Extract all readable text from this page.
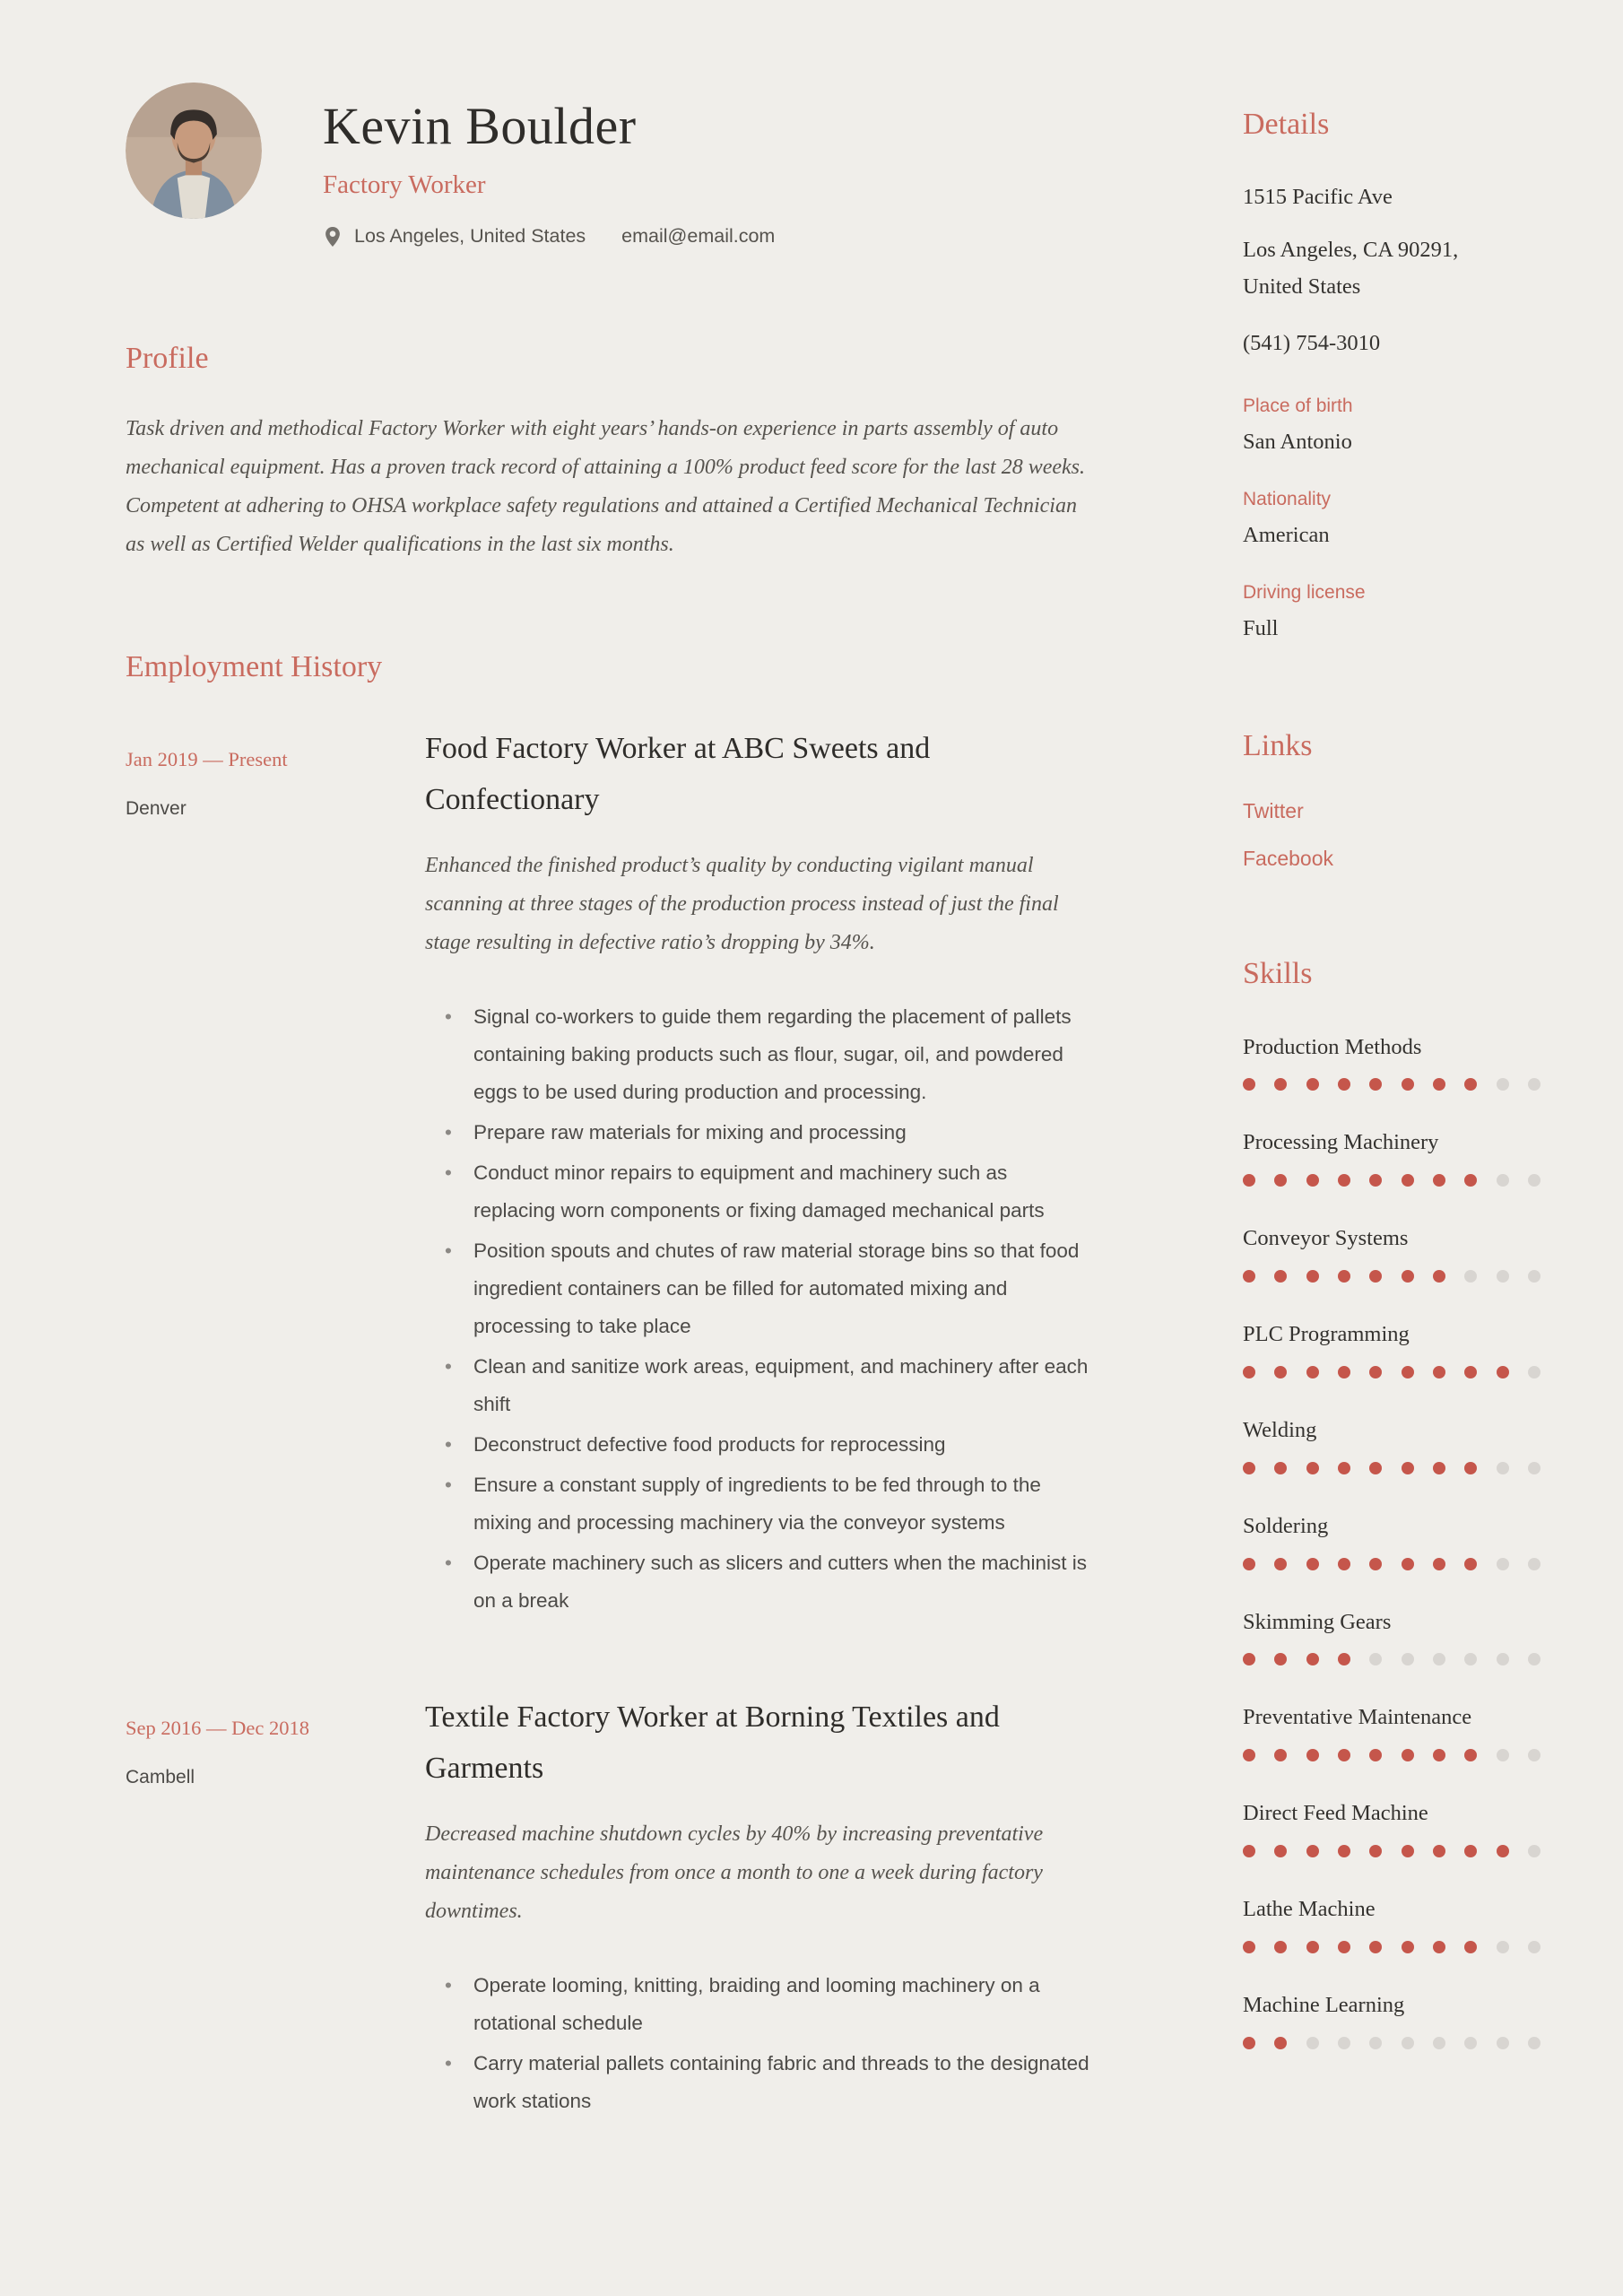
Kevin Boulder
Factory Worker
Los Angeles, United States email@email.com
Profile

Task driven and methodical Factory Worker with eight years’ hands-on experience in parts assembly of auto mechanical equipment. Has a proven track record of attaining a 100% product feed score for the last 28 weeks. Competent at adhering to OHSA workplace safety regulations and attained a Certified Mechanical Technician as well as Certified Welder qualifications in the last six months.

Employment History
Jan 2019 — Present
Denver
Food Factory Worker at ABC Sweets and Confectionary

Enhanced the finished product’s quality by conducting vigilant manual scanning at three stages of the production process instead of just the final stage resulting in defective ratio’s dropping by 34%.

• Signal co-workers to guide them regarding the placement of pallets containing baking products such as flour, sugar, oil, and powdered eggs to be used during production and processing.
• Prepare raw materials for mixing and processing
• Conduct minor repairs to equipment and machinery such as replacing worn components or fixing damaged mechanical parts
• Position spouts and chutes of raw material storage bins so that food ingredient containers can be filled for automated mixing and processing to take place
• Clean and sanitize work areas, equipment, and machinery after each shift
• Deconstruct defective food products for reprocessing
• Ensure a constant supply of ingredients to be fed through to the mixing and processing machinery via the conveyor systems
• Operate machinery such as slicers and cutters when the machinist is on a break
Sep 2016 — Dec 2018
Cambell
Textile Factory Worker at Borning Textiles and Garments

Decreased machine shutdown cycles by 40% by increasing preventative maintenance schedules from once a month to one a week during factory downtimes.

• Operate looming, knitting, braiding and looming machinery on a rotational schedule
• Carry material pallets containing fabric and threads to the designated work stations
Details
1515 Pacific Ave
Los Angeles, CA 90291,
United States
(541) 754-3010
Place of birth
San Antonio
Nationality
American
Driving license
Full
Links
Twitter
Facebook
Skills
Production Methods
Processing Machinery
Conveyor Systems
PLC Programming
Welding
Soldering
Skimming Gears
Preventative Maintenance
Direct Feed Machine
Lathe Machine
Machine Learning
